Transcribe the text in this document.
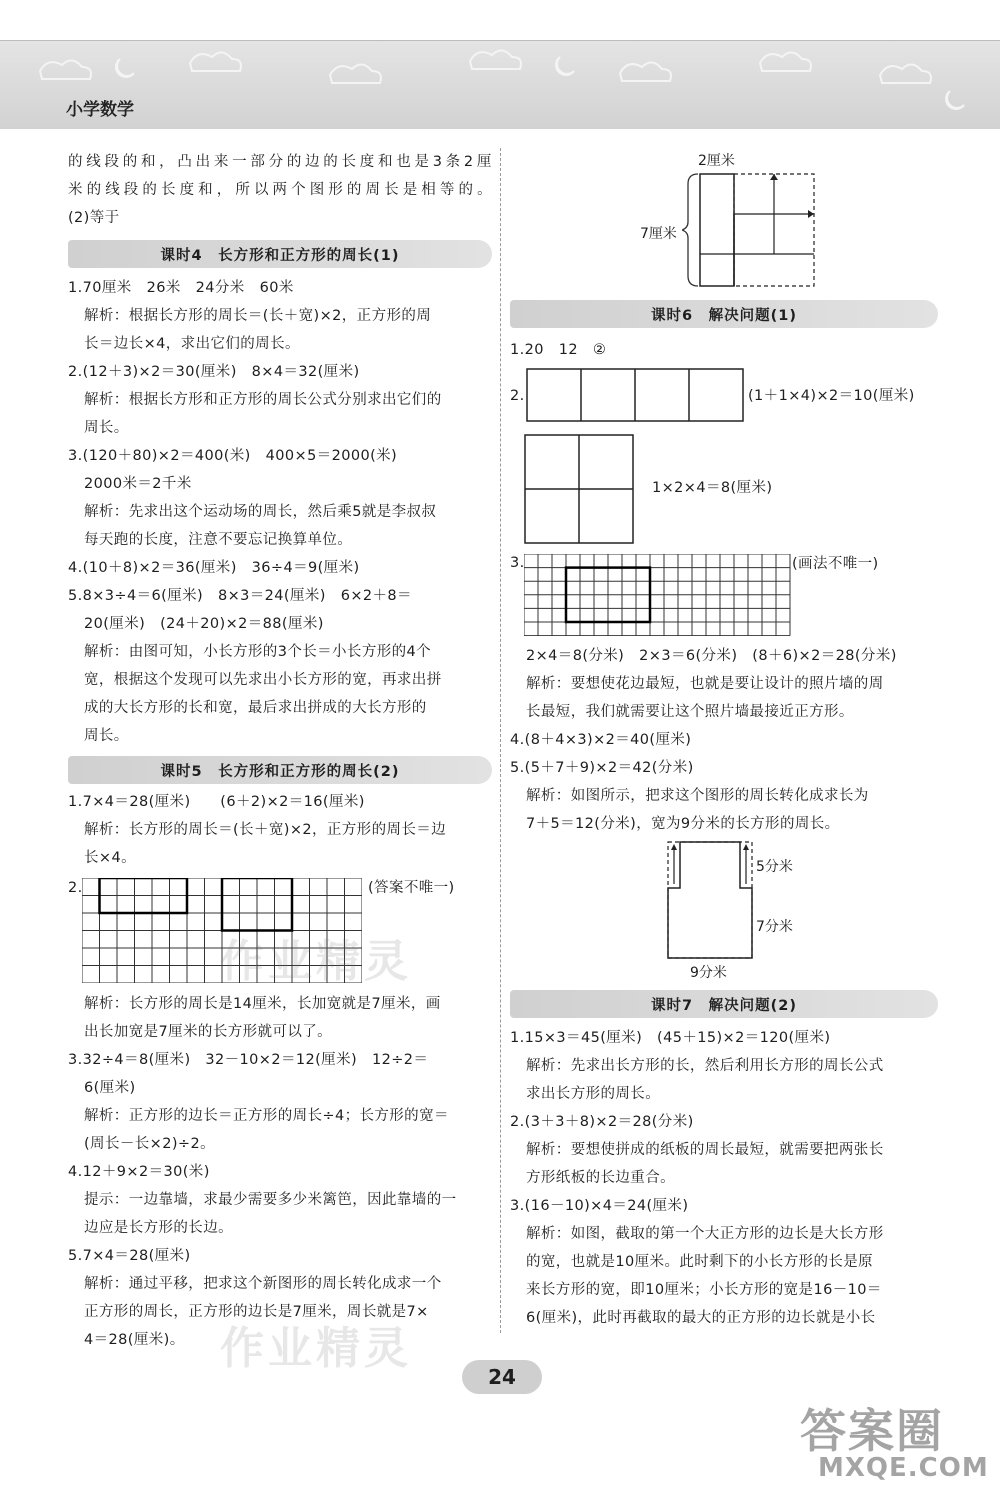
小学数学
的 线 段 的 和 ， 凸 出 来 一 部 分 的 边 的 长 度 和 也 是 3 条 2 厘
米 的 线 段 的 长 度 和 ， 所 以 两 个 图 形 的 周 长 是 相 等 的 。
(2)等于
课时4　长方形和正方形的周长(1)
1.70厘米　26米　24分米　60米
解析：根据长方形的周长＝(长＋宽)×2，正方形的周
长＝边长×4，求出它们的周长。
2.(12＋3)×2＝30(厘米)　8×4＝32(厘米)
解析：根据长方形和正方形的周长公式分别求出它们的
周长。
3.(120＋80)×2＝400(米)　400×5＝2000(米)
2000米＝2千米
解析：先求出这个运动场的周长，然后乘5就是李叔叔
每天跑的长度，注意不要忘记换算单位。
4.(10＋8)×2＝36(厘米)　36÷4＝9(厘米)
5.8×3÷4＝6(厘米)　8×3＝24(厘米)　6×2＋8＝
20(厘米)　(24＋20)×2＝88(厘米)
解析：由图可知，小长方形的3个长＝小长方形的4个
宽，根据这个发现可以先求出小长方形的宽，再求出拼
成的大长方形的长和宽，最后求出拼成的大长方形的
周长。
课时5　长方形和正方形的周长(2)
1.7×4＝28(厘米)　　(6＋2)×2＝16(厘米)
解析：长方形的周长＝(长＋宽)×2，正方形的周长＝边
长×4。
2.	(答案不唯一)
解析：长方形的周长是14厘米，长加宽就是7厘米，画
出长加宽是7厘米的长方形就可以了。
3.32÷4＝8(厘米)　32－10×2＝12(厘米)　12÷2＝
6(厘米)
解析：正方形的边长＝正方形的周长÷4；长方形的宽＝
(周长－长×2)÷2。
4.12＋9×2＝30(米)
提示：一边靠墙，求最少需要多少米篱笆，因此靠墙的一
边应是长方形的长边。
5.7×4＝28(厘米)
解析：通过平移，把求这个新图形的周长转化成求一个
正方形的周长，正方形的边长是7厘米，周长就是7×
4＝28(厘米)。
2厘米
7厘米
课时6　解决问题(1)
1.20　12　②
2.	(1＋1×4)×2＝10(厘米)
1×2×4＝8(厘米)
3.	(画法不唯一)
2×4＝8(分米)　2×3＝6(分米)　(8＋6)×2＝28(分米)
解析：要想使花边最短，也就是要让设计的照片墙的周
长最短，我们就需要让这个照片墙最接近正方形。
4.(8＋4×3)×2＝40(厘米)
5.(5＋7＋9)×2＝42(分米)
解析：如图所示，把求这个图形的周长转化成求长为
7＋5＝12(分米)，宽为9分米的长方形的周长。
5分米
7分米
9分米
课时7　解决问题(2)
1.15×3＝45(厘米)　(45＋15)×2＝120(厘米)
解析：先求出长方形的长，然后利用长方形的周长公式
求出长方形的周长。
2.(3＋3＋8)×2＝28(分米)
解析：要想使拼成的纸板的周长最短，就需要把两张长
方形纸板的长边重合。
3.(16－10)×4＝24(厘米)
解析：如图，截取的第一个大正方形的边长是大长方形
的宽，也就是10厘米。此时剩下的小长方形的长是原
来长方形的宽，即10厘米；小长方形的宽是16－10＝
6(厘米)，此时再截取的最大的正方形的边长就是小长
作业精灵
作业精灵
24
答案圈
MXQE.COM
